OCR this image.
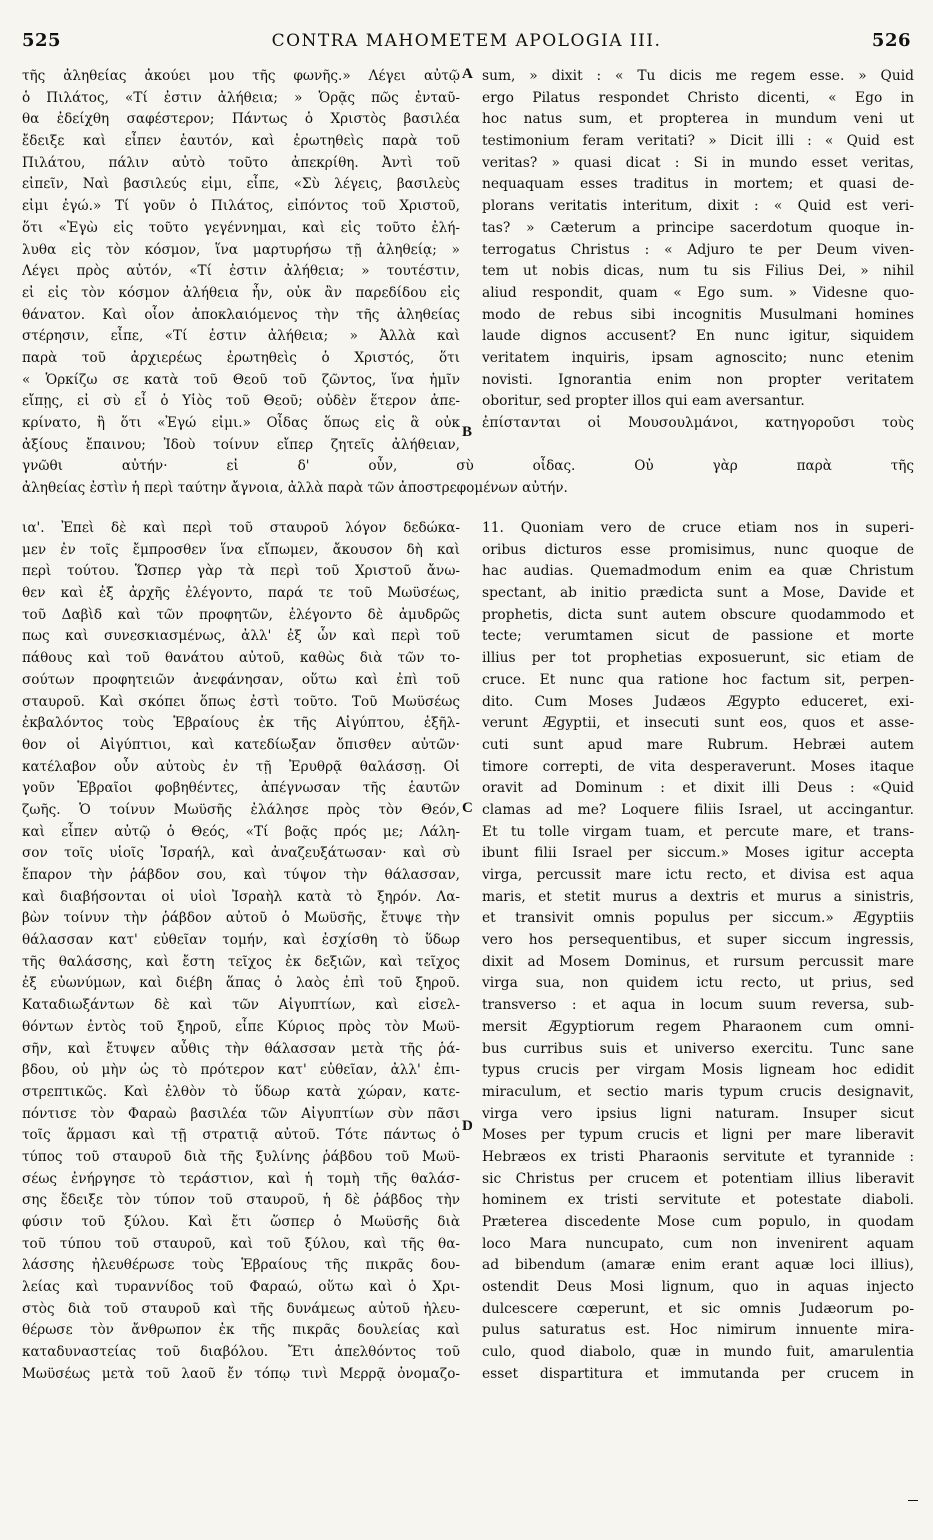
525	CONTRA MAHOMETEM APOLOGIA III.	526
τῆς ἀληθείας ἀκούει μου τῆς φωνῆς.» Λέγει αὐτῷ
ὁ Πιλάτος, «Τί ἐστιν ἀλήθεια; » Ὁρᾷς πῶς ἐνταῦ-
θα ἐδείχθη σαφέστερον; Πάντως ὁ Χριστὸς βασιλέα
ἔδειξε καὶ εἶπεν ἑαυτόν, καὶ ἐρωτηθεὶς παρὰ τοῦ
Πιλάτου, πάλιν αὐτὸ τοῦτο ἀπεκρίθη. Ἀντὶ τοῦ
εἰπεῖν, Ναὶ βασιλεύς εἰμι, εἶπε, «Σὺ λέγεις, βασιλεὺς
εἰμι ἐγώ.» Τί γοῦν ὁ Πιλάτος, εἰπόντος τοῦ Χριστοῦ,
ὅτι «Ἐγὼ εἰς τοῦτο γεγέννημαι, καὶ εἰς τοῦτο ἐλή-
λυθα εἰς τὸν κόσμον, ἵνα μαρτυρήσω τῇ ἀληθείᾳ; »
Λέγει πρὸς αὐτόν, «Τί ἐστιν ἀλήθεια; » τουτέστιν,
εἰ εἰς τὸν κόσμον ἀλήθεια ἦν, οὐκ ἂν παρεδίδου εἰς
θάνατον. Καὶ οἷον ἀποκλαιόμενος τὴν τῆς ἀληθείας
στέρησιν, εἶπε, «Τί ἐστιν ἀλήθεια; » Ἀλλὰ καὶ
παρὰ τοῦ ἀρχιερέως ἐρωτηθεὶς ὁ Χριστός, ὅτι
« Ὁρκίζω σε κατὰ τοῦ Θεοῦ τοῦ ζῶντος, ἵνα ἡμῖν
εἴπῃς, εἰ σὺ εἶ ὁ Υἱὸς τοῦ Θεοῦ; οὐδὲν ἕτερον ἀπε-
κρίνατο, ἢ ὅτι «Ἐγώ εἰμι.» Οἶδας ὅπως εἰς ἃ οὐκ
ἀξίους ἔπαινου; Ἰδοὺ τοίνυν εἴπερ ζητεῖς ἀλήθειαν,
sum, » dixit : « Tu dicis me regem esse. » Quid
ergo Pilatus respondet Christo dicenti, « Ego in
hoc natus sum, et propterea in mundum veni ut
testimonium feram veritati? » Dicit illi : « Quid est
veritas? » quasi dicat : Si in mundo esset veritas,
nequaquam esses traditus in mortem; et quasi de-
plorans veritatis interitum, dixit : « Quid est veri-
tas? » Cæterum a principe sacerdotum quoque in-
terrogatus Christus : « Adjuro te per Deum viven-
tem ut nobis dicas, num tu sis Filius Dei, » nihil
aliud respondit, quam « Ego sum. » Videsne quo-
modo de rebus sibi incognitis Musulmani homines
laude dignos accusent? En nunc igitur, siquidem
veritatem inquiris, ipsam agnoscito; nunc etenim
novisti. Ignorantia enim non propter veritatem
oboritur, sed propter illos qui eam aversantur.
ἐπίστανται οἱ Μουσουλμάνοι, κατηγοροῦσι τοὺς
γνῶθι αὐτήν· εἰ δ' οὖν, σὺ οἶδας. Οὐ γὰρ παρὰ τῆς
ἀληθείας ἐστὶν ἡ περὶ ταύτην ἄγνοια, ἀλλὰ παρὰ τῶν ἀποστρεφομένων αὐτήν.
ια'. Ἐπεὶ δὲ καὶ περὶ τοῦ σταυροῦ λόγον δεδώκα-
μεν ἐν τοῖς ἔμπροσθεν ἵνα εἴπωμεν, ἄκουσον δὴ καὶ
περὶ τούτου. Ὥσπερ γὰρ τὰ περὶ τοῦ Χριστοῦ ἄνω-
θεν καὶ ἐξ ἀρχῆς ἐλέγοντο, παρά τε τοῦ Μωϋσέως,
τοῦ Δαβὶδ καὶ τῶν προφητῶν, ἐλέγοντο δὲ ἀμυδρῶς
πως καὶ συνεσκιασμένως, ἀλλ' ἐξ ὧν καὶ περὶ τοῦ
πάθους καὶ τοῦ θανάτου αὐτοῦ, καθὼς διὰ τῶν το-
σούτων προφητειῶν ἀνεφάνησαν, οὕτω καὶ ἐπὶ τοῦ
σταυροῦ. Καὶ σκόπει ὅπως ἐστὶ τοῦτο. Τοῦ Μωϋσέως
ἐκβαλόντος τοὺς Ἑβραίους ἐκ τῆς Αἰγύπτου, ἐξῆλ-
θον οἱ Αἰγύπτιοι, καὶ κατεδίωξαν ὄπισθεν αὐτῶν·
κατέλαβον οὖν αὐτοὺς ἐν τῇ Ἐρυθρᾷ θαλάσσῃ. Οἱ
γοῦν Ἑβραῖοι φοβηθέντες, ἀπέγνωσαν τῆς ἑαυτῶν
ζωῆς. Ὁ τοίνυν Μωϋσῆς ἐλάλησε πρὸς τὸν Θεόν,
καὶ εἶπεν αὐτῷ ὁ Θεός, «Τί βοᾷς πρός με; Λάλη-
σον τοῖς υἱοῖς Ἰσραήλ, καὶ ἀναζευξάτωσαν· καὶ σὺ
ἔπαρον τὴν ῥάβδον σου, καὶ τύψον τὴν θάλασσαν,
καὶ διαβήσονται οἱ υἱοὶ Ἰσραὴλ κατὰ τὸ ξηρόν. Λα-
βὼν τοίνυν τὴν ῥάβδον αὐτοῦ ὁ Μωϋσῆς, ἔτυψε τὴν
θάλασσαν κατ' εὐθεῖαν τομήν, καὶ ἐσχίσθη τὸ ὕδωρ
τῆς θαλάσσης, καὶ ἔστη τεῖχος ἐκ δεξιῶν, καὶ τεῖχος
ἐξ εὐωνύμων, καὶ διέβη ἅπας ὁ λαὸς ἐπὶ τοῦ ξηροῦ.
Καταδιωξάντων δὲ καὶ τῶν Αἰγυπτίων, καὶ εἰσελ-
θόντων ἐντὸς τοῦ ξηροῦ, εἶπε Κύριος πρὸς τὸν Μωϋ-
σῆν, καὶ ἔτυψεν αὖθις τὴν θάλασσαν μετὰ τῆς ῥά-
βδου, οὐ μὴν ὡς τὸ πρότερον κατ' εὐθεῖαν, ἀλλ' ἐπι-
στρεπτικῶς. Καὶ ἐλθὸν τὸ ὕδωρ κατὰ χώραν, κατε-
πόντισε τὸν Φαραὼ βασιλέα τῶν Αἰγυπτίων σὺν πᾶσι
τοῖς ἅρμασι καὶ τῇ στρατιᾷ αὐτοῦ. Τότε πάντως ὁ
τύπος τοῦ σταυροῦ διὰ τῆς ξυλίνης ῥάβδου τοῦ Μωϋ-
σέως ἐνήργησε τὸ τεράστιον, καὶ ἡ τομὴ τῆς θαλάσ-
σης ἔδειξε τὸν τύπον τοῦ σταυροῦ, ἡ δὲ ῥάβδος τὴν
φύσιν τοῦ ξύλου. Καὶ ἔτι ὥσπερ ὁ Μωϋσῆς διὰ
τοῦ τύπου τοῦ σταυροῦ, καὶ τοῦ ξύλου, καὶ τῆς θα-
λάσσης ἠλευθέρωσε τοὺς Ἑβραίους τῆς πικρᾶς δου-
λείας καὶ τυραννίδος τοῦ Φαραώ, οὕτω καὶ ὁ Χρι-
στὸς διὰ τοῦ σταυροῦ καὶ τῆς δυνάμεως αὐτοῦ ἠλευ-
θέρωσε τὸν ἄνθρωπον ἐκ τῆς πικρᾶς δουλείας καὶ
καταδυναστείας τοῦ διαβόλου. Ἔτι ἀπελθόντος τοῦ
Μωϋσέως μετὰ τοῦ λαοῦ ἔν τόπῳ τινὶ Μερρᾷ ὀνομαζο-
11. Quoniam vero de cruce etiam nos in superi-
oribus dicturos esse promisimus, nunc quoque de
hac audias. Quemadmodum enim ea quæ Christum
spectant, ab initio prædicta sunt a Mose, Davide et
prophetis, dicta sunt autem obscure quodammodo et
tecte; verumtamen sicut de passione et morte
illius per tot prophetias exposuerunt, sic etiam de
cruce. Et nunc qua ratione hoc factum sit, perpen-
dito. Cum Moses Judæos Ægypto educeret, exi-
verunt Ægyptii, et insecuti sunt eos, quos et asse-
cuti sunt apud mare Rubrum. Hebræi autem
timore correpti, de vita desperaverunt. Moses itaque
oravit ad Dominum : et dixit illi Deus : «Quid
clamas ad me? Loquere filiis Israel, ut accingantur.
Et tu tolle virgam tuam, et percute mare, et trans-
ibunt filii Israel per siccum.» Moses igitur accepta
virga, percussit mare ictu recto, et divisa est aqua
maris, et stetit murus a dextris et murus a sinistris,
et transivit omnis populus per siccum.» Ægyptiis
vero hos persequentibus, et super siccum ingressis,
dixit ad Mosem Dominus, et rursum percussit mare
virga sua, non quidem ictu recto, ut prius, sed
transverso : et aqua in locum suum reversa, sub-
mersit Ægyptiorum regem Pharaonem cum omni-
bus curribus suis et universo exercitu. Tunc sane
typus crucis per virgam Mosis ligneam hoc edidit
miraculum, et sectio maris typum crucis designavit,
virga vero ipsius ligni naturam. Insuper sicut
Moses per typum crucis et ligni per mare liberavit
Hebræos ex tristi Pharaonis servitute et tyrannide :
sic Christus per crucem et potentiam illius liberavit
hominem ex tristi servitute et potestate diaboli.
Præterea discedente Mose cum populo, in quodam
loco Mara nuncupato, cum non invenirent aquam
ad bibendum (amaræ enim erant aquæ loci illius),
ostendit Deus Mosi lignum, quo in aquas injecto
dulcescere cœperunt, et sic omnis Judæorum po-
pulus saturatus est. Hoc nimirum innuente mira-
culo, quod diabolo, quæ in mundo fuit, amarulentia
esset dispartitura et immutanda per crucem in
A
B
C
D
